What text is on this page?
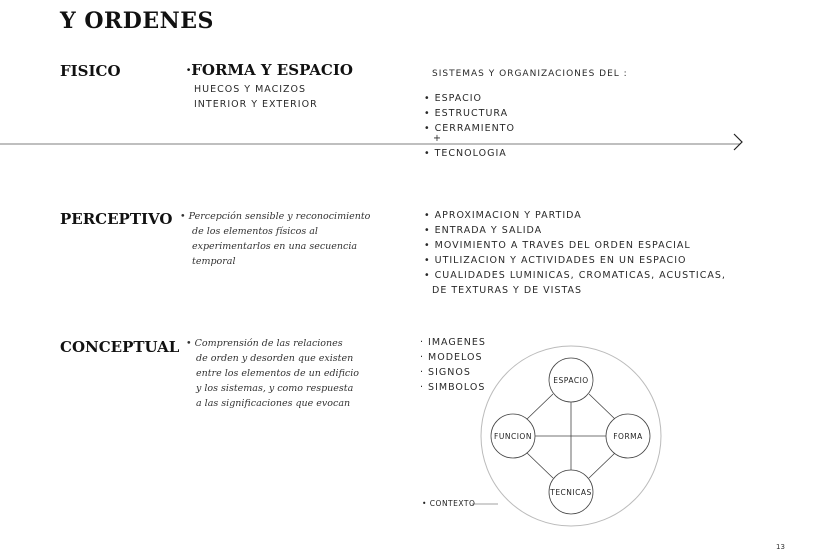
Y ORDENES
FISICO	·FORMA Y ESPACIO
HUECOS Y MACIZOS
INTERIOR Y EXTERIOR
SISTEMAS Y ORGANIZACIONES DEL :
• ESPACIO
• ESTRUCTURA
• CERRAMIENTO
+
• TECNOLOGIA
PERCEPTIVO • Percepción sensible y reconocimiento
de los elementos físicos al
experimentarlos en una secuencia
temporal
• APROXIMACION Y PARTIDA
• ENTRADA Y SALIDA
• MOVIMIENTO A TRAVES DEL ORDEN ESPACIAL
• UTILIZACION Y ACTIVIDADES EN UN ESPACIO
• CUALIDADES LUMINICAS, CROMATICAS, ACUSTICAS,
DE TEXTURAS Y DE VISTAS
CONCEPTUAL • Comprensión de las relaciones
de orden y desorden que existen
entre los elementos de un edificio
y los sistemas, y como respuesta
a las significaciones que evocan
· IMAGENES
· MODELOS
· SIGNOS
· SIMBOLOS
ESPACIO
FUNCION	FORMA
TECNICAS
• CONTEXTO
13
